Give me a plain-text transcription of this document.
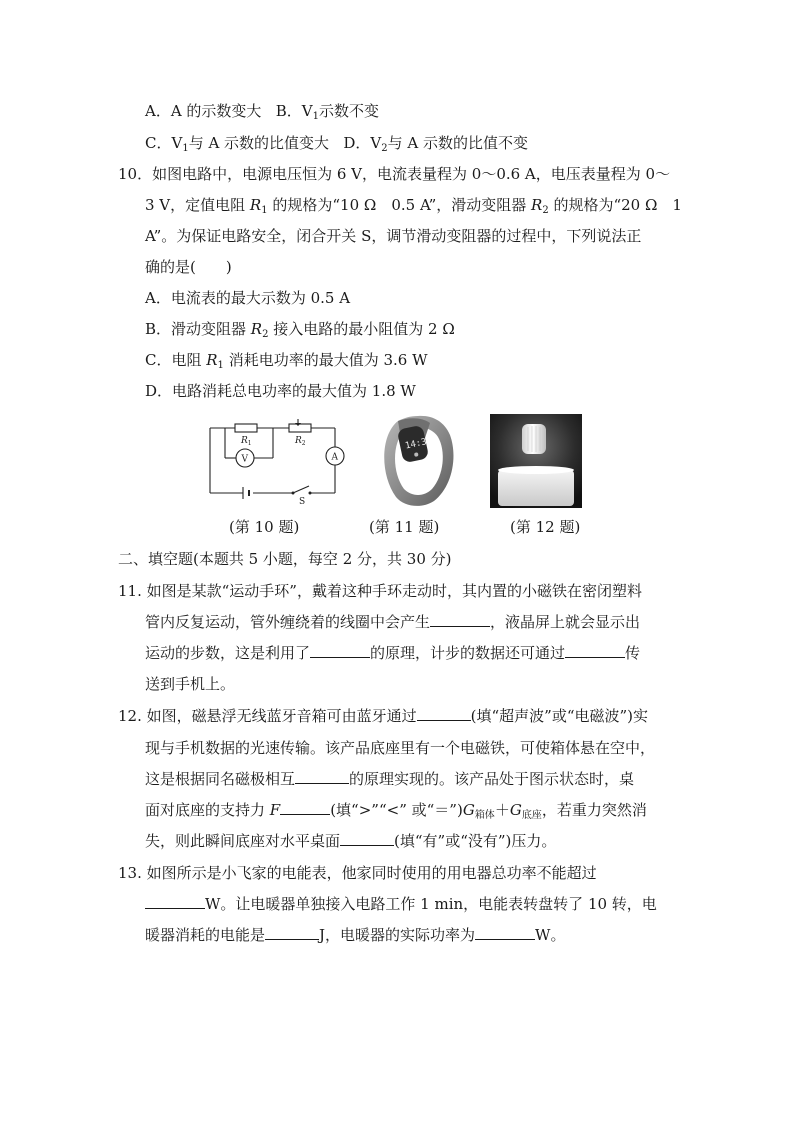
A．A 的示数变大 B．$V_1$示数不变
C．$V_1$与 A 示数的比值变大 D．$V_2$与 A 示数的比值不变
10．如图电路中，电源电压恒为 6 V，电流表量程为 0～0.6 A，电压表量程为 0～
3 V，定值电阻 $R_1$ 的规格为“10 Ω　0.5 A”，滑动变阻器 $R_2$ 的规格为“20 Ω　1
A”。为保证电路安全，闭合开关 S，调节滑动变阻器的过程中，下列说法正
确的是(　　)
A．电流表的最大示数为 0.5 A
B．滑动变阻器 $R_2$ 接入电路的最小阻值为 2 Ω
C．电阻 $R_1$ 消耗电功率的最大值为 3.6 W
D．电路消耗总电功率的最大值为 1.8 W
$R_1$	$R_2$
V	A
S
14:3
(第 10 题)	(第 11 题)	(第 12 题)
二、填空题(本题共 5 小题，每空 2 分，共 30 分)
11. 如图是某款“运动手环”，戴着这种手环走动时，其内置的小磁铁在密闭塑料
管内反复运动，管外缠绕着的线圈中会产生	，液晶屏上就会显示出
运动的步数，这是利用了	的原理，计步的数据还可通过	传
送到手机上。
12. 如图，磁悬浮无线蓝牙音箱可由蓝牙通过	(填“超声波”或“电磁波”)实
现与手机数据的光速传输。该产品底座里有一个电磁铁，可使箱体悬在空中，
这是根据同名磁极相互	的原理实现的。该产品处于图示状态时，桌
面对底座的支持力 F	(填“>”“<” 或“$=”)G_{箱体}+G_{底座}$，若重力突然消
失，则此瞬间底座对水平桌面	(填“有”或“没有”)压力。
13. 如图所示是小飞家的电能表，他家同时使用的用电器总功率不能超过
W。让电暖器单独接入电路工作 1 min，电能表转盘转了 10 转，电
暖器消耗的电能是	J，电暖器的实际功率为	W。
